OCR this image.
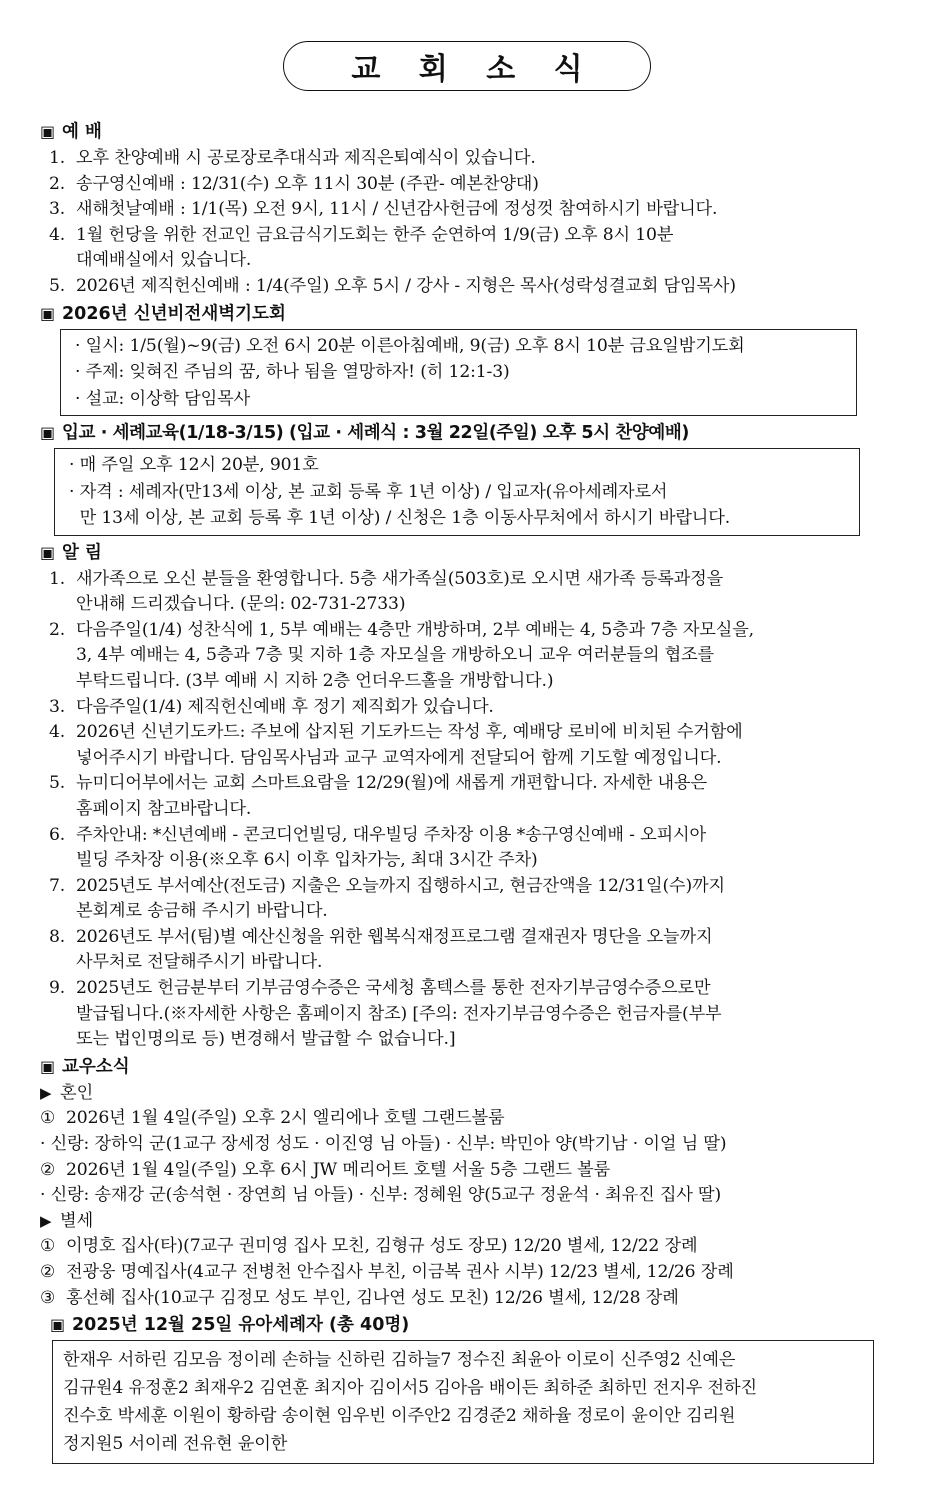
교 회 소 식
▣ 예 배
1. 오후 찬양예배 시 공로장로추대식과 제직은퇴예식이 있습니다.
2. 송구영신예배 : 12/31(수) 오후 11시 30분 (주관- 예본찬양대)
3. 새해첫날예배 : 1/1(목) 오전 9시, 11시 / 신년감사헌금에 정성껏 참여하시기 바랍니다.
4. 1월 헌당을 위한 전교인 금요금식기도회는 한주 순연하여 1/9(금) 오후 8시 10분
대예배실에서 있습니다.
5. 2026년 제직헌신예배 : 1/4(주일) 오후 5시 / 강사 - 지형은 목사(성락성결교회 담임목사)
▣ 2026년 신년비전새벽기도회
· 일시: 1/5(월)~9(금) 오전 6시 20분 이른아침예배, 9(금) 오후 8시 10분 금요일밤기도회
· 주제: 잊혀진 주님의 꿈, 하나 됨을 열망하자! (히 12:1-3)
· 설교: 이상학 담임목사
▣ 입교 · 세례교육(1/18-3/15) (입교 · 세례식 : 3월 22일(주일) 오후 5시 찬양예배)
· 매 주일 오후 12시 20분, 901호
· 자격 : 세례자(만13세 이상, 본 교회 등록 후 1년 이상) / 입교자(유아세례자로서
만 13세 이상, 본 교회 등록 후 1년 이상) / 신청은 1층 이동사무처에서 하시기 바랍니다.
▣ 알 림
1. 새가족으로 오신 분들을 환영합니다. 5층 새가족실(503호)로 오시면 새가족 등록과정을
안내해 드리겠습니다. (문의: 02-731-2733)
2. 다음주일(1/4) 성찬식에 1, 5부 예배는 4층만 개방하며, 2부 예배는 4, 5층과 7층 자모실을,
3, 4부 예배는 4, 5층과 7층 및 지하 1층 자모실을 개방하오니 교우 여러분들의 협조를
부탁드립니다. (3부 예배 시 지하 2층 언더우드홀을 개방합니다.)
3. 다음주일(1/4) 제직헌신예배 후 정기 제직회가 있습니다.
4. 2026년 신년기도카드: 주보에 삽지된 기도카드는 작성 후, 예배당 로비에 비치된 수거함에
넣어주시기 바랍니다. 담임목사님과 교구 교역자에게 전달되어 함께 기도할 예정입니다.
5. 뉴미디어부에서는 교회 스마트요람을 12/29(월)에 새롭게 개편합니다. 자세한 내용은
홈페이지 참고바랍니다.
6. 주차안내: *신년예배 - 콘코디언빌딩, 대우빌딩 주차장 이용 *송구영신예배 - 오피시아
빌딩 주차장 이용(※오후 6시 이후 입차가능, 최대 3시간 주차)
7. 2025년도 부서예산(전도금) 지출은 오늘까지 집행하시고, 현금잔액을 12/31일(수)까지
본회계로 송금해 주시기 바랍니다.
8. 2026년도 부서(팀)별 예산신청을 위한 웹복식재정프로그램 결재권자 명단을 오늘까지
사무처로 전달해주시기 바랍니다.
9. 2025년도 헌금분부터 기부금영수증은 국세청 홈텍스를 통한 전자기부금영수증으로만
발급됩니다.(※자세한 사항은 홈페이지 참조) [주의: 전자기부금영수증은 헌금자를(부부
또는 법인명의로 등) 변경해서 발급할 수 없습니다.]
▣ 교우소식
▶ 혼인
① 2026년 1월 4일(주일) 오후 2시 엘리에나 호텔 그랜드볼룸
· 신랑: 장하익 군(1교구 장세정 성도 · 이진영 님 아들) · 신부: 박민아 양(박기남 · 이얼 님 딸)
② 2026년 1월 4일(주일) 오후 6시 JW 메리어트 호텔 서울 5층 그랜드 볼룸
· 신랑: 송재강 군(송석현 · 장연희 님 아들) · 신부: 정혜원 양(5교구 정윤석 · 최유진 집사 딸)
▶ 별세
① 이명호 집사(타)(7교구 권미영 집사 모친, 김형규 성도 장모) 12/20 별세, 12/22 장례
② 전광웅 명예집사(4교구 전병천 안수집사 부친, 이금복 권사 시부) 12/23 별세, 12/26 장례
③ 홍선혜 집사(10교구 김정모 성도 부인, 김나연 성도 모친) 12/26 별세, 12/28 장례
▣ 2025년 12월 25일 유아세례자 (총 40명)
한재우 서하린 김모음 정이레 손하늘 신하린 김하늘7 정수진 최윤아 이로이 신주영2 신예은
김규원4 유정훈2 최재우2 김연훈 최지아 김이서5 김아음 배이든 최하준 최하민 전지우 전하진
진수호 박세훈 이원이 황하람 송이현 임우빈 이주안2 김경준2 채하율 정로이 윤이안 김리원
정지원5 서이레 전유현 윤이한
